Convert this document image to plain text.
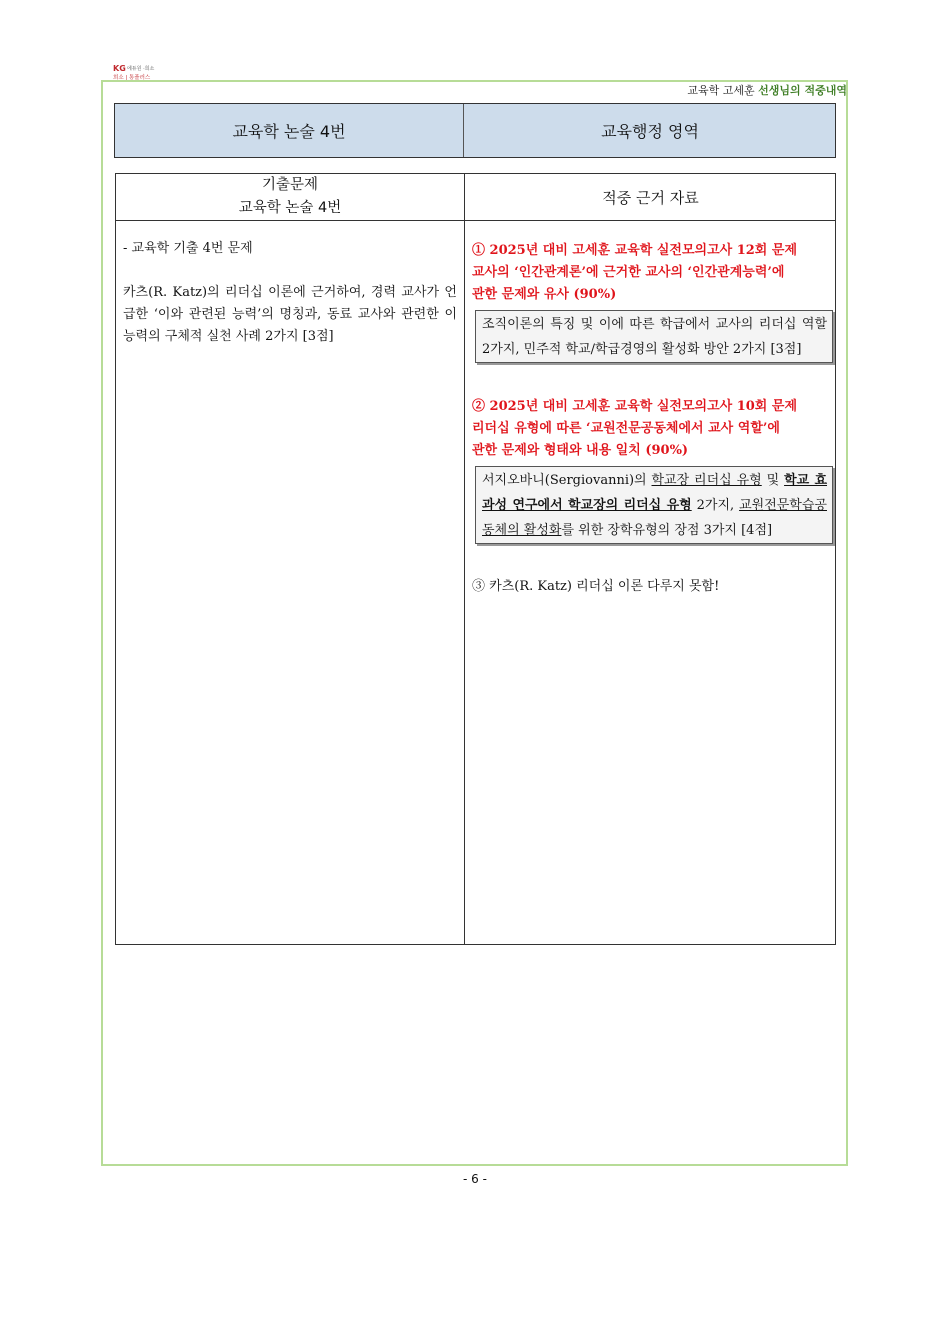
KG 에듀원 ·희소
희소 | 통플러스
교육학 고세훈 선생님의 적중내역
교육학 논술 4번	교육행정 영역
기출문제
교육학 논술 4번
적중 근거 자료

- 교육학 기출 4번 문제

카츠(R. Katz)의 리더십 이론에 근거하여, 경력 교사가 언급한 ‘이와 관련된 능력’의 명칭과, 동료 교사와 관련한 이 능력의 구체적 실천 사례 2가지 [3점]

① 2025년 대비 고세훈 교육학 실전모의고사 12회 문제

교사의 ‘인간관계론’에 근거한 교사의 ‘인간관계능력’에

관한 문제와 유사 (90%)

조직이론의 특징 및 이에 따른 학급에서 교사의 리더십 역할 2가지, 민주적 학교/학급경영의 활성화 방안 2가지 [3점]

② 2025년 대비 고세훈 교육학 실전모의고사 10회 문제

리더십 유형에 따른 ‘교원전문공동체에서 교사 역할’에

관한 문제와 형태와 내용 일치 (90%)

서지오바니(Sergiovanni)의 학교장 리더십 유형 및 학교 효과성 연구에서 학교장의 리더십 유형 2가지, 교원전문학습공동체의 활성화를 위한 장학유형의 장점 3가지 [4점]

③ 카츠(R. Katz) 리더십 이론 다루지 못함!

- 6 -
